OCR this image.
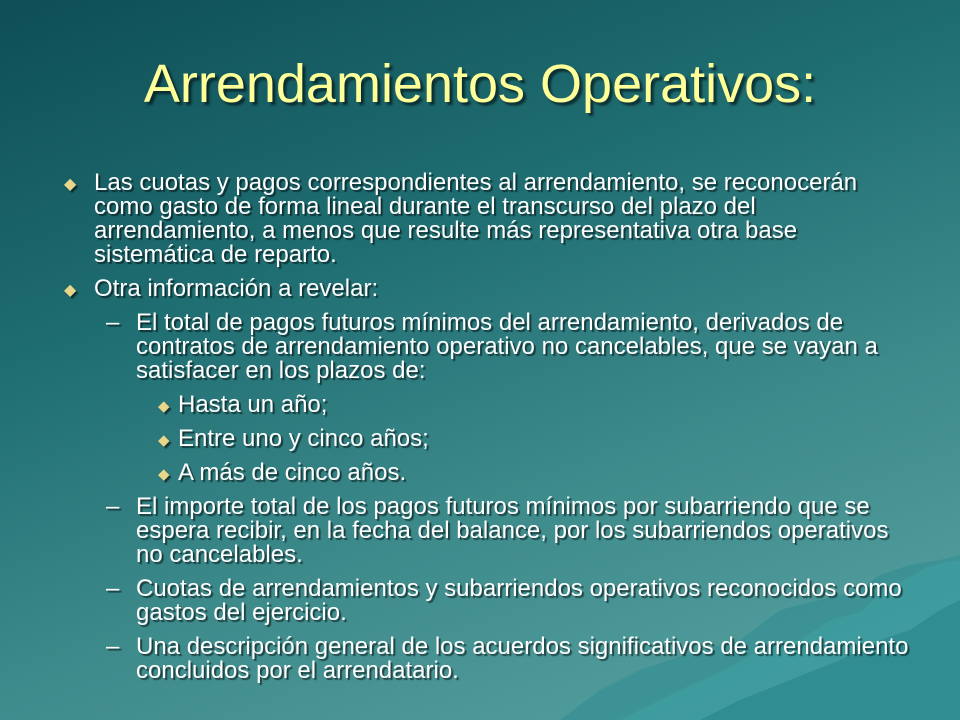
Arrendamientos Operativos:
◆ Las cuotas y pagos correspondientes al arrendamiento, se reconocerán como gasto de forma lineal durante el transcurso del plazo del arrendamiento, a menos que resulte más representativa otra base sistemática de reparto.
◆ Otra información a revelar:
– El total de pagos futuros mínimos del arrendamiento, derivados de contratos de arrendamiento operativo no cancelables, que se vayan a satisfacer en los plazos de:
◆ Hasta un año;
◆ Entre uno y cinco años;
◆ A más de cinco años.
– El importe total de los pagos futuros mínimos por subarriendo que se espera recibir, en la fecha del balance, por los subarriendos operativos no cancelables.
– Cuotas de arrendamientos y subarriendos operativos reconocidos como gastos del ejercicio.
– Una descripción general de los acuerdos significativos de arrendamiento concluidos por el arrendatario.
